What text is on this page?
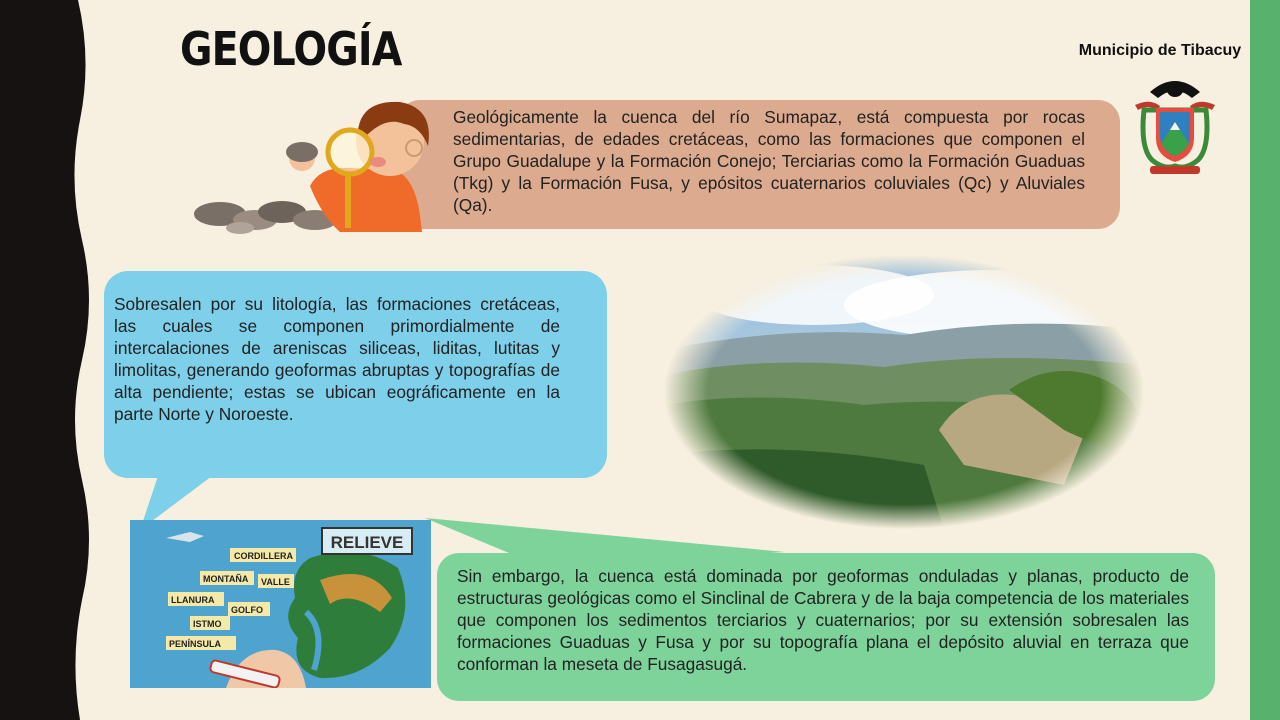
GEOLOGÍA	Municipio de Tibacuy

Geológicamente la cuenca del río Sumapaz, está compuesta por rocas sedimentarias, de edades cretáceas, como las formaciones que componen el Grupo Guadalupe y la Formación Conejo; Terciarias como la Formación Guaduas (Tkg) y la Formación Fusa, y epósitos cuaternarios coluviales (Qc) y Aluviales (Qa).

Sobresalen por su litología, las formaciones cretáceas, las cuales se componen primordialmente de intercalaciones de areniscas siliceas, liditas, lutitas y limolitas, generando geoformas abruptas y topografías de alta pendiente; estas se ubican eográficamente en la parte Norte y Noroeste.

Sin embargo, la cuenca está dominada por geoformas onduladas y planas, producto de estructuras geológicas como el Sinclinal de Cabrera y de la baja competencia de los materiales que componen los sedimentos terciarios y cuaternarios; por su extensión sobresalen las formaciones Guaduas y Fusa y por su topografía plana el depósito aluvial en terraza que conforman la meseta de Fusagasugá.

RELIEVE
CORDILLERA
MONTAÑA VALLE
LLANURA
GOLFO
ISTMO
PENÍNSULA
